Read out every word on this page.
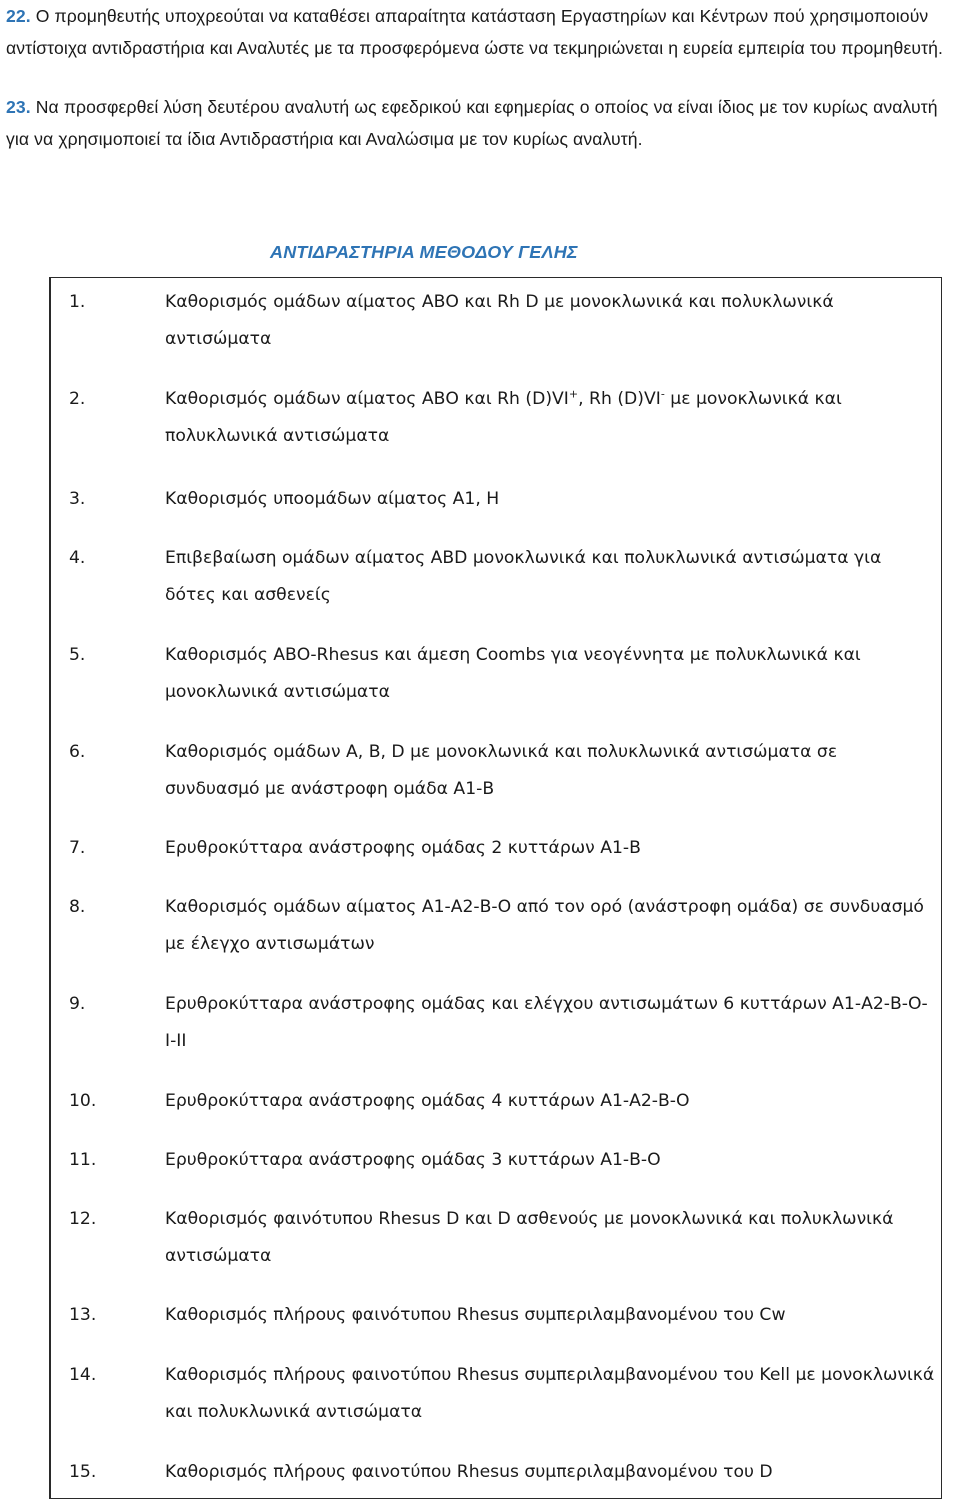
22. Ο προμηθευτής υποχρεούται να καταθέσει απαραίτητα κατάσταση Εργαστηρίων και Κέντρων πού χρησιμοποιούν αντίστοιχα αντιδραστήρια και Αναλυτές με τα προσφερόμενα ώστε να τεκμηριώνεται η ευρεία εμπειρία του προμηθευτή.
23. Να προσφερθεί λύση δευτέρου αναλυτή ως εφεδρικού και εφημερίας ο οποίος να είναι ίδιος με τον κυρίως αναλυτή για να χρησιμοποιεί τα ίδια Αντιδραστήρια και Αναλώσιμα με τον κυρίως αναλυτή.
ΑΝΤΙΔΡΑΣΤΗΡΙΑ ΜΕΘΟΔΟΥ ΓΕΛΗΣ
1.	Καθορισμός ομάδων αίματος ΑΒΟ και Rh D με μονοκλωνικά και πολυκλωνικά αντισώματα
2.	Καθορισμός ομάδων αίματος ΑΒΟ και Rh (D)VI+, Rh (D)VI- με μονοκλωνικά και πολυκλωνικά αντισώματα
3.	Καθορισμός υποομάδων αίματος Α1, Η
4.	Επιβεβαίωση ομάδων αίματος ΑΒD μονοκλωνικά και πολυκλωνικά αντισώματα για δότες και ασθενείς
5.	Καθορισμός ΑΒΟ-Rhesus και άμεση Coombs για νεογέννητα με πολυκλωνικά και μονοκλωνικά αντισώματα
6.	Καθορισμός ομάδων Α, Β, D με μονοκλωνικά και πολυκλωνικά αντισώματα σε συνδυασμό με ανάστροφη ομάδα Α1-Β
7.	Ερυθροκύτταρα ανάστροφης ομάδας 2 κυττάρων Α1-Β
8.	Καθορισμός ομάδων αίματος Α1-Α2-Β-Ο από τον ορό (ανάστροφη ομάδα) σε συνδυασμό με έλεγχο αντισωμάτων
9.	Ερυθροκύτταρα ανάστροφης ομάδας και ελέγχου αντισωμάτων 6 κυττάρων Α1-Α2-Β-Ο-Ι-ΙΙ
10.	Ερυθροκύτταρα ανάστροφης ομάδας 4 κυττάρων Α1-Α2-Β-Ο
11.	Ερυθροκύτταρα ανάστροφης ομάδας 3 κυττάρων Α1-Β-Ο
12.	Καθορισμός φαινότυπου Rhesus D και D ασθενούς με μονοκλωνικά και πολυκλωνικά αντισώματα
13.	Καθορισμός πλήρους φαινότυπου Rhesus συμπεριλαμβανομένου του Cw
14.	Καθορισμός πλήρους φαινοτύπου Rhesus συμπεριλαμβανομένου του Kell με μονοκλωνικά και πολυκλωνικά αντισώματα
15.	Καθορισμός πλήρους φαινοτύπου Rhesus συμπεριλαμβανομένου του D
